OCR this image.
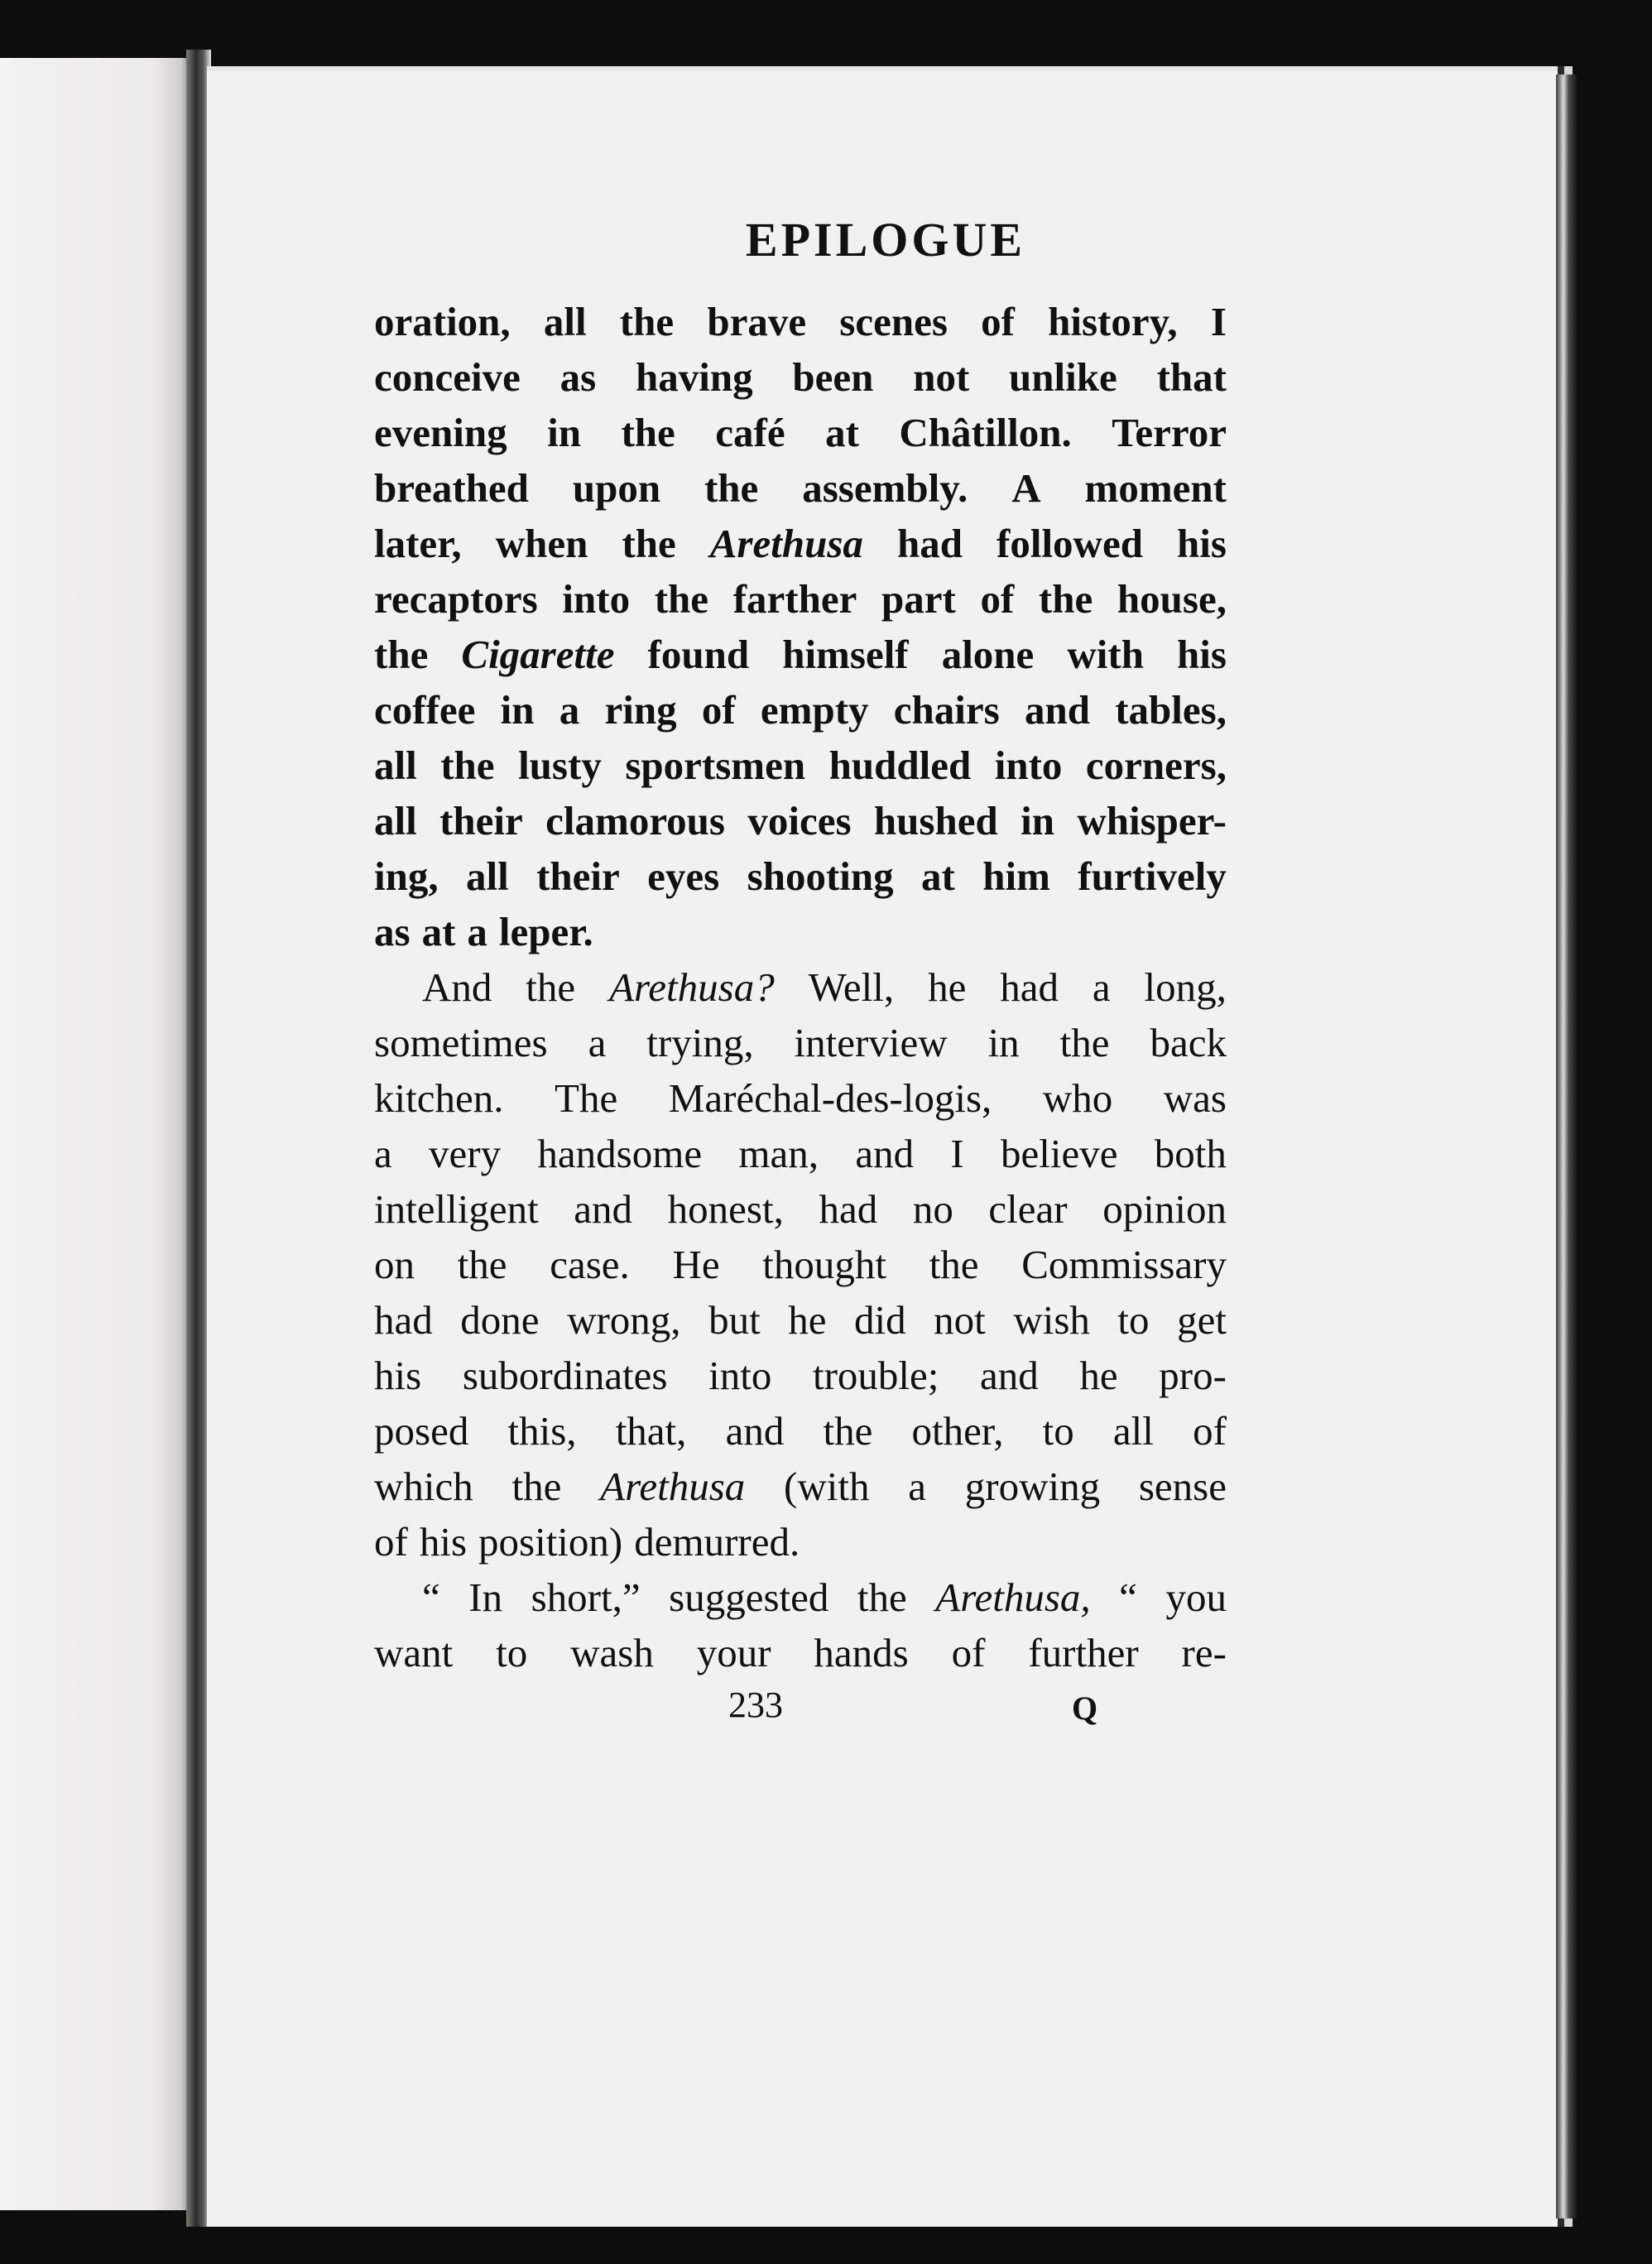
EPILOGUE
oration, all the brave scenes of history, I
conceive as having been not unlike that
evening in the café at Châtillon. Terror
breathed upon the assembly. A moment
later, when the Arethusa had followed his
recaptors into the farther part of the house,
the Cigarette found himself alone with his
coffee in a ring of empty chairs and tables,
all the lusty sportsmen huddled into corners,
all their clamorous voices hushed in whisper-
ing, all their eyes shooting at him furtively
as at a leper.
And the Arethusa? Well, he had a long,
sometimes a trying, interview in the back
kitchen. The Maréchal-des-logis, who was
a very handsome man, and I believe both
intelligent and honest, had no clear opinion
on the case. He thought the Commissary
had done wrong, but he did not wish to get
his subordinates into trouble; and he pro-
posed this, that, and the other, to all of
which the Arethusa (with a growing sense
of his position) demurred.
“ In short,” suggested the Arethusa, “ you
want to wash your hands of further re-
233	Q
